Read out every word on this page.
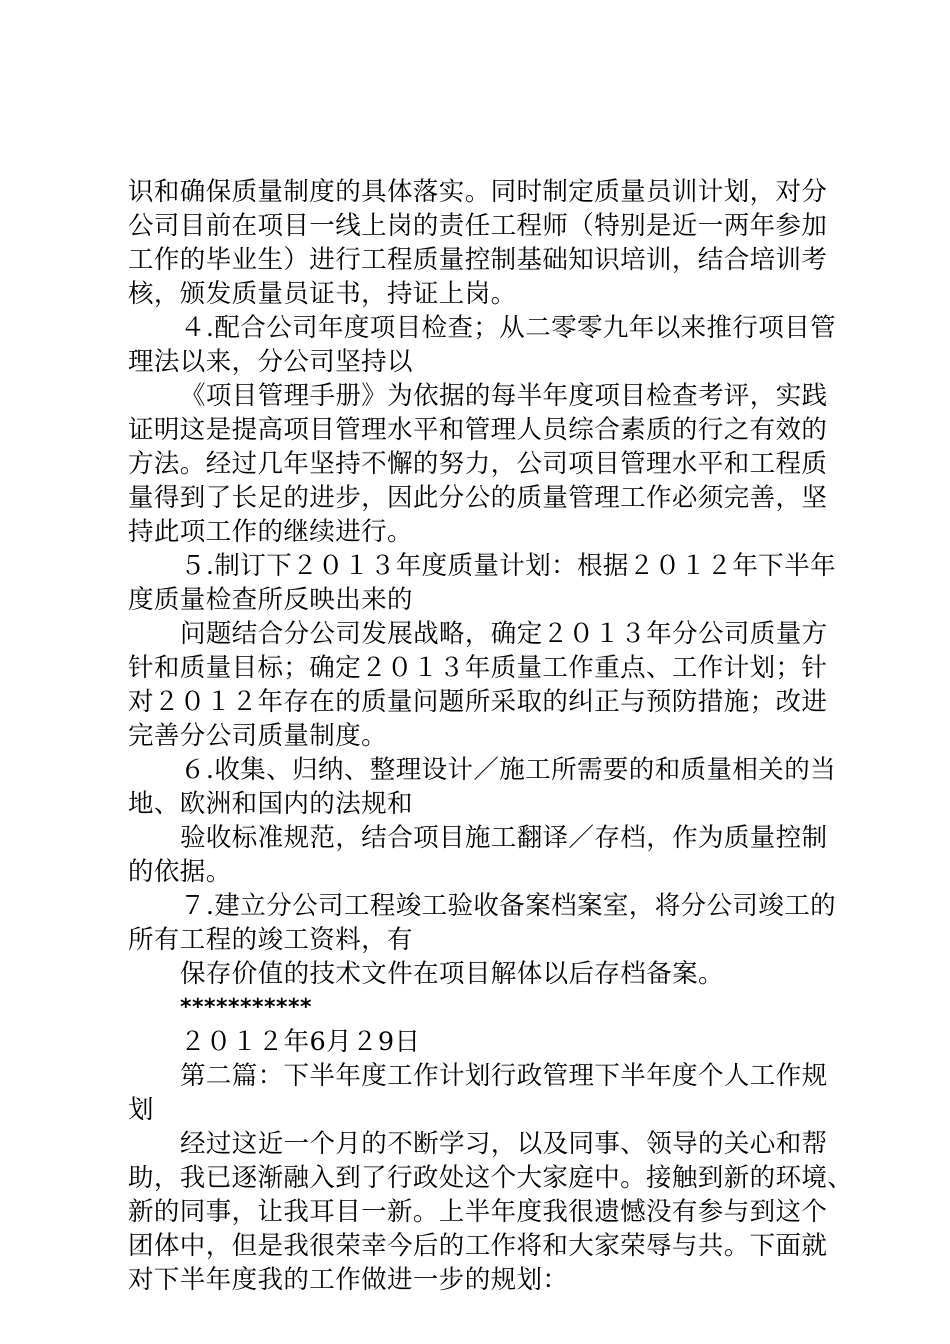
识和确保质量制度的具体落实。同时制定质量员训计划，对分
公司目前在项目一线上岗的责任工程师（特别是近一两年参加
工作的毕业生）进行工程质量控制基础知识培训，结合培训考
核，颁发质量员证书，持证上岗。
４.配合公司年度项目检查；从二零零九年以来推行项目管
理法以来，分公司坚持以
《项目管理手册》为依据的每半年度项目检查考评，实践
证明这是提高项目管理水平和管理人员综合素质的行之有效的
方法。经过几年坚持不懈的努力，公司项目管理水平和工程质
量得到了长足的进步，因此分公的质量管理工作必须完善，坚
持此项工作的继续进行。
５.制订下２０１３年度质量计划：根据２０１２年下半年
度质量检查所反映出来的
问题结合分公司发展战略，确定２０１３年分公司质量方
针和质量目标；确定２０１３年质量工作重点、工作计划；针
对２０１２年存在的质量问题所采取的纠正与预防措施；改进
完善分公司质量制度。
６.收集、归纳、整理设计／施工所需要的和质量相关的当
地、欧洲和国内的法规和
验收标准规范，结合项目施工翻译／存档，作为质量控制
的依据。
７.建立分公司工程竣工验收备案档案室，将分公司竣工的
所有工程的竣工资料，有
保存价值的技术文件在项目解体以后存档备案。
***********
２０１２年6月２9日
第二篇：下半年度工作计划行政管理下半年度个人工作规
划
经过这近一个月的不断学习，以及同事、领导的关心和帮
助，我已逐渐融入到了行政处这个大家庭中。接触到新的环境、
新的同事，让我耳目一新。上半年度我很遗憾没有参与到这个
团体中，但是我很荣幸今后的工作将和大家荣辱与共。下面就
对下半年度我的工作做进一步的规划：
